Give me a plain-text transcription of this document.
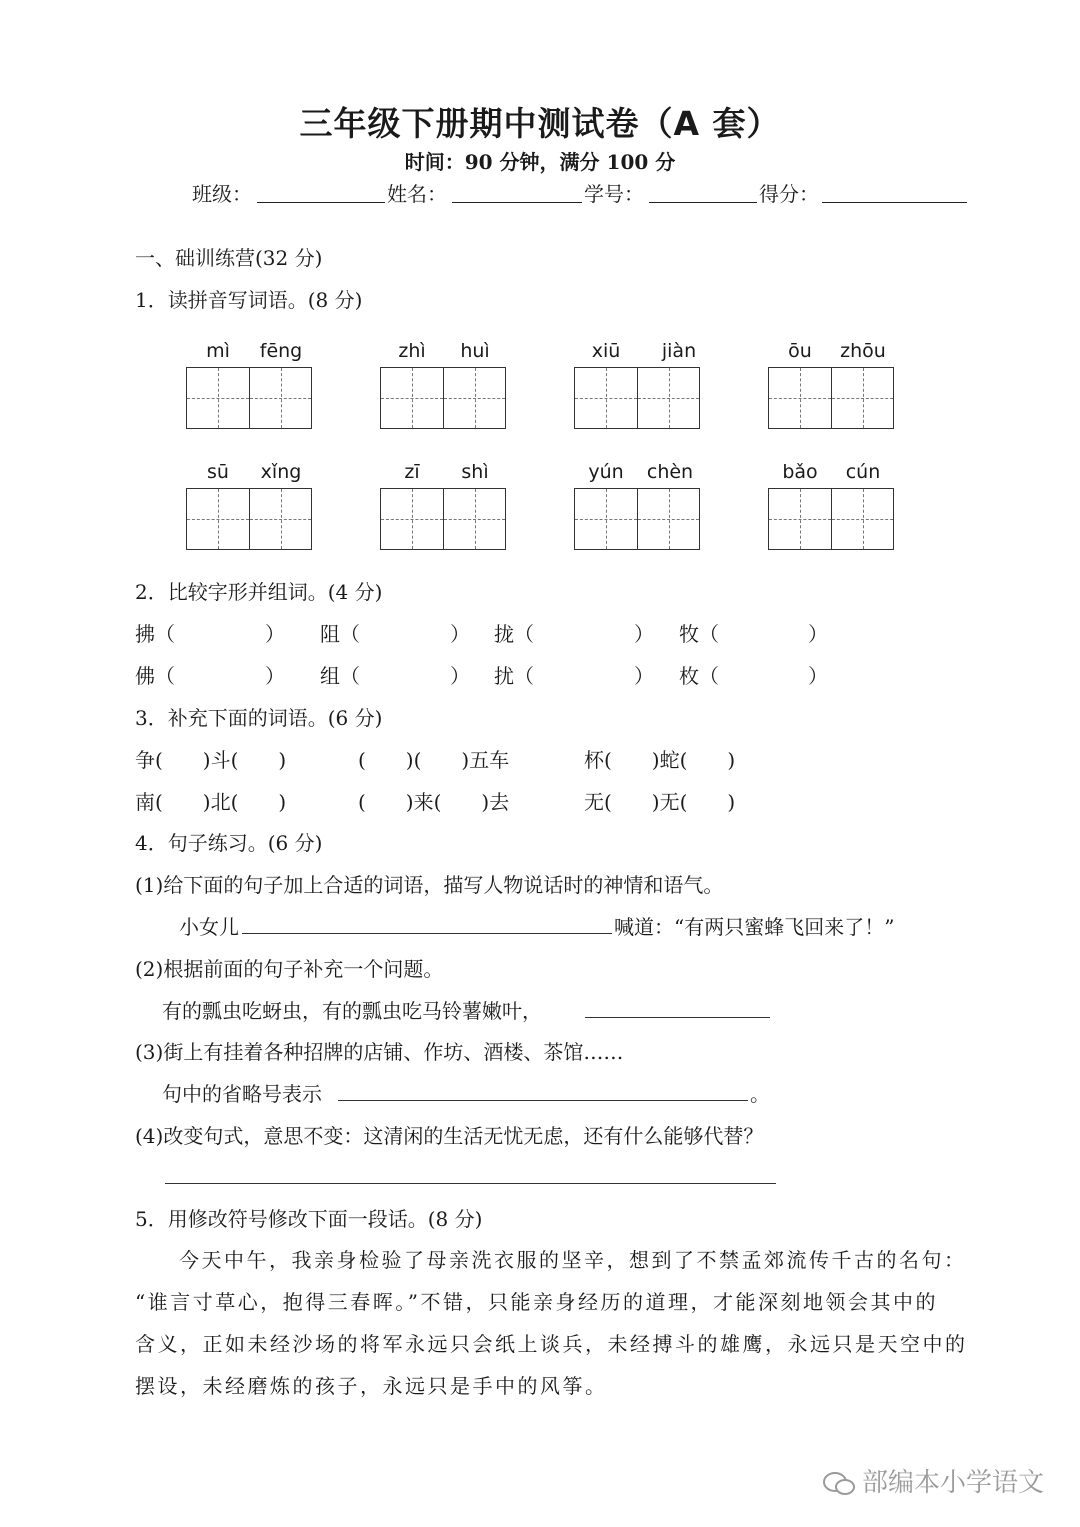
三年级下册期中测试卷（A 套）
时间：90 分钟，满分 100 分
班级：	姓名：	学号：	得分：
一、础训练营(32 分)
1．读拼音写词语。(8 分)
mì	fēng	zhì	huì	xiū	jiàn	ōu	zhōu
sū	xǐng	zī	shì	yún	chèn	bǎo	cún
2．比较字形并组词。(4 分)
拂（	） 阻（	） 拢（	） 牧（	）
佛（	） 组（	） 扰（	） 枚（	）
3．补充下面的词语。(6 分)
争(　　)斗(　　)	(　　)(　　)五车	杯(　　)蛇(　　)
南(　　)北(　　)	(　　)来(　　)去	无(　　)无(　　)
4．句子练习。(6 分)
(1)给下面的句子加上合适的词语，描写人物说话时的神情和语气。
小女儿	喊道：“有两只蜜蜂飞回来了！”
(2)根据前面的句子补充一个问题。
有的瓢虫吃蚜虫，有的瓢虫吃马铃薯嫩叶，
(3)街上有挂着各种招牌的店铺、作坊、酒楼、茶馆……
句中的省略号表示	。
(4)改变句式，意思不变：这清闲的生活无忧无虑，还有什么能够代替？
5．用修改符号修改下面一段话。(8 分)
今天中午，我亲身检验了母亲洗衣服的坚辛，想到了不禁孟郊流传千古的名句：
“谁言寸草心，抱得三春晖。”不错，只能亲身经历的道理，才能深刻地领会其中的
含义，正如未经沙场的将军永远只会纸上谈兵，未经搏斗的雄鹰，永远只是天空中的
摆设，未经磨炼的孩子，永远只是手中的风筝。
部编本小学语文
